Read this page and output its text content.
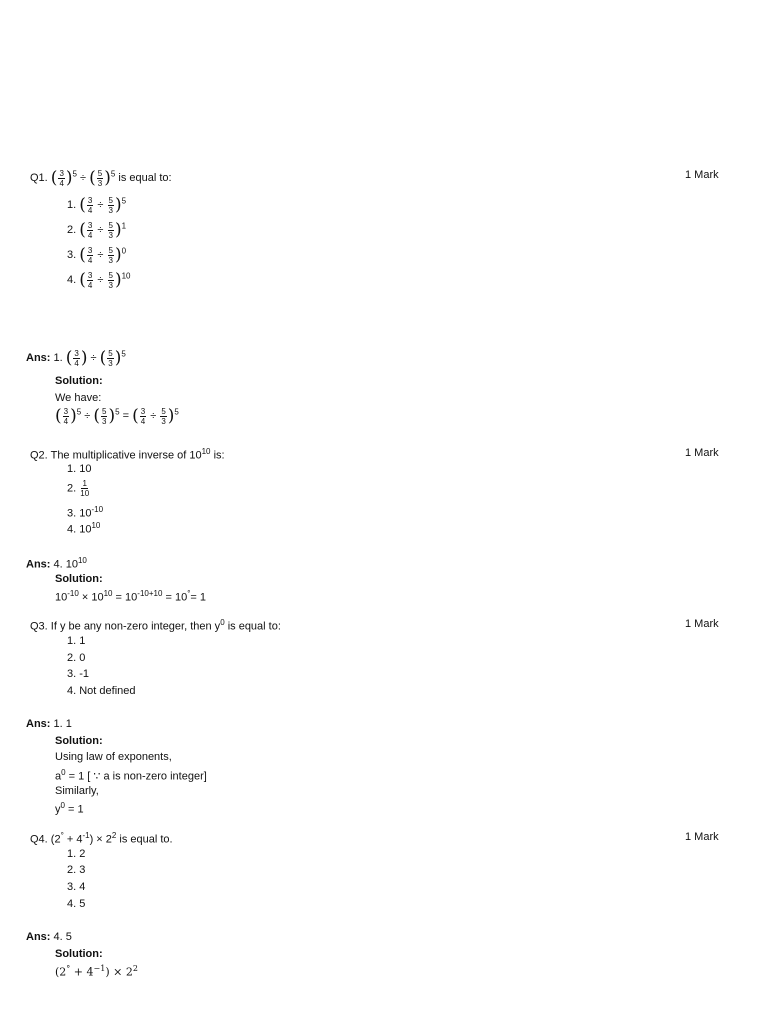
Q1. ( $\frac{3}{4} )^5$ ÷ ( $\frac{5}{3} )^5$ is equal to:	1 Mark
1. ( $\frac{3}{4} \div \frac{5}{3} )^5$
2. ( $\frac{3}{4} \div \frac{5}{3} )^1$
3. ( $\frac{3}{4} \div \frac{5}{3} )^0$
4. ( $\frac{3}{4} \div \frac{5}{3} )^{10}$
Ans: 1. ( $\frac{3}{4}$ ) ÷ ( $\frac{5}{3} )^5$
Solution:
We have:
( $\frac{3}{4} )^5$ ÷ ( $\frac{5}{3} )^5$ = ( $\frac{3}{4} \div \frac{5}{3} )^5$
Q2. The multiplicative inverse of $10^{10}$ is:	1 Mark
1. 10
2. $\frac{1}{10}$
3. $10^{-10}$
4. $10^{10}$
Ans: 4. $10^{10}$
Solution:
$10^{-10} \times 10^{10} = 10^{-10+10} = 10^\circ= 1$
Q3. If y be any non-zero integer, then $y^0$ is equal to:	1 Mark
1. 1
2. 0
3. -1
4. Not defined
Ans: 1. 1
Solution:
Using law of exponents,
$a^0 = 1$ [ ∵ a is non-zero integer]
Similarly,
$y^0 = 1$
Q4. $(2^\circ + 4^{-1}) \times 2^2$ is equal to.	1 Mark
1. 2
2. 3
3. 4
4. 5
Ans: 4. 5
Solution:
$(2^\circ + 4^{-1}) \times 2^2$
